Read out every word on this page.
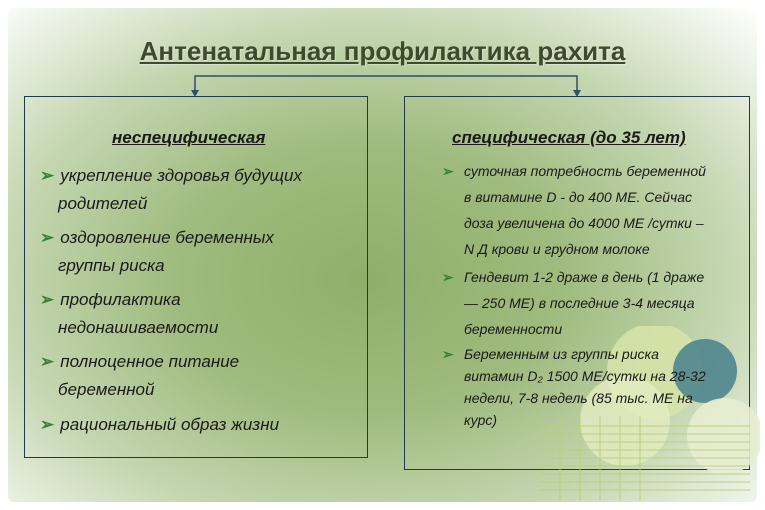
Антенатальная профилактика рахита
неспецифическая
➢ укрепление здоровья будущих
родителей
➢ оздоровление беременных
группы риска
➢ профилактика
недонашиваемости
➢ полноценное питание
беременной
➢ рациональный образ жизни
специфическая (до 35 лет)
➢ суточная потребность беременной
в витамине D - до 400 МЕ. Сейчас
доза увеличена до 4000 МЕ /сутки –
N Д крови и грудном молоке
➢ Гендевит 1-2 драже в день (1 драже
— 250 МЕ) в последние 3-4 месяца
беременности
➢ Беременным из группы риска
витамин D₂ 1500 МЕ/сутки на 28-32
недели, 7-8 недель (85 тыс. МЕ на
курс)
